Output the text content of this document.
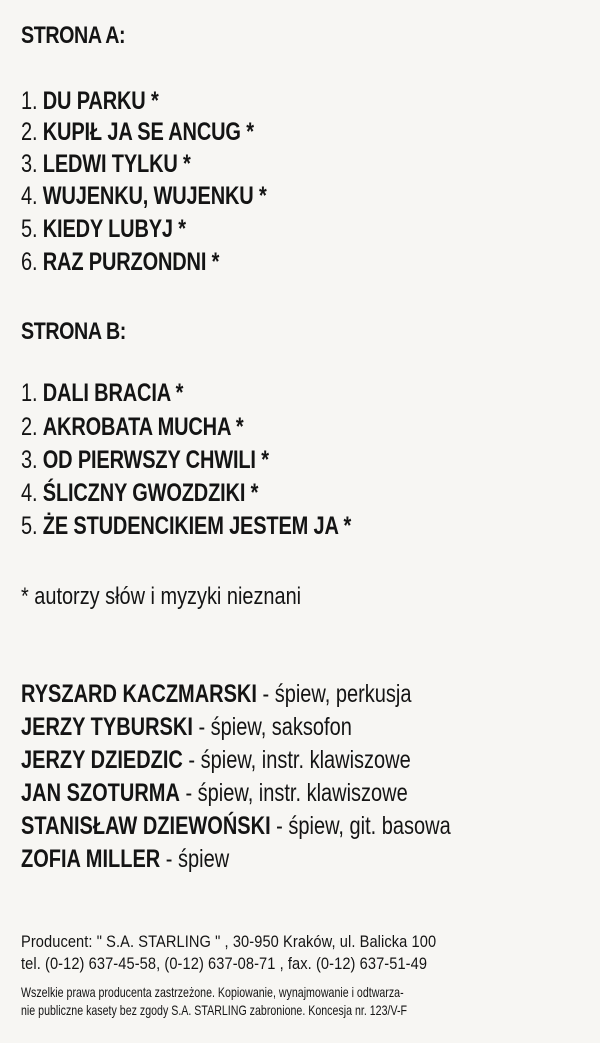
STRONA A:
1. DU PARKU *
2. KUPIŁ JA SE ANCUG *
3. LEDWI TYLKU *
4. WUJENKU, WUJENKU *
5. KIEDY LUBYJ *
6. RAZ PURZONDNI *
STRONA B:
1. DALI BRACIA *
2. AKROBATA MUCHA *
3. OD PIERWSZY CHWILI *
4. ŚLICZNY GWOZDZIKI *
5. ŻE STUDENCIKIEM JESTEM JA *
* autorzy słów i myzyki nieznani
RYSZARD KACZMARSKI - śpiew, perkusja
JERZY TYBURSKI - śpiew, saksofon
JERZY DZIEDZIC - śpiew, instr. klawiszowe
JAN SZOTURMA - śpiew, instr. klawiszowe
STANISŁAW DZIEWOŃSKI - śpiew, git. basowa
ZOFIA MILLER - śpiew
Producent: " S.A. STARLING " , 30-950 Kraków, ul. Balicka 100
tel. (0-12) 637-45-58, (0-12) 637-08-71 , fax. (0-12) 637-51-49
Wszelkie prawa producenta zastrzeżone. Kopiowanie, wynajmowanie i odtwarza-
nie publiczne kasety bez zgody S.A. STARLING zabronione. Koncesja nr. 123/V-F
